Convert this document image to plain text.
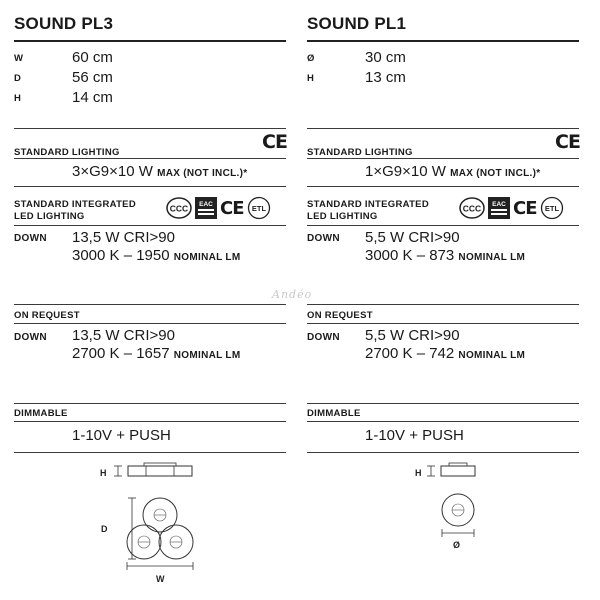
SOUND PL3
W	60 cm
D	56 cm
H	14 cm
STANDARD LIGHTING	CE
3×G9×10 W MAX (NOT INCL.)*
STANDARD INTEGRATED
LED LIGHTING
CCC EAC CE ETL
DOWN 13,5 W CRI>90
3000 K – 1950 NOMINAL LM
ON REQUEST
DOWN 13,5 W CRI>90
2700 K – 1657 NOMINAL LM
DIMMABLE
1-10V + PUSH
H
D
W
SOUND PL1
Ø	30 cm
H	13 cm
STANDARD LIGHTING	CE
1×G9×10 W MAX (NOT INCL.)*
STANDARD INTEGRATED
LED LIGHTING
CCC EAC CE ETL
DOWN 5,5 W CRI>90
3000 K – 873 NOMINAL LM
ON REQUEST
DOWN 5,5 W CRI>90
2700 K – 742 NOMINAL LM
DIMMABLE
1-10V + PUSH
H
Ø
Andéo
